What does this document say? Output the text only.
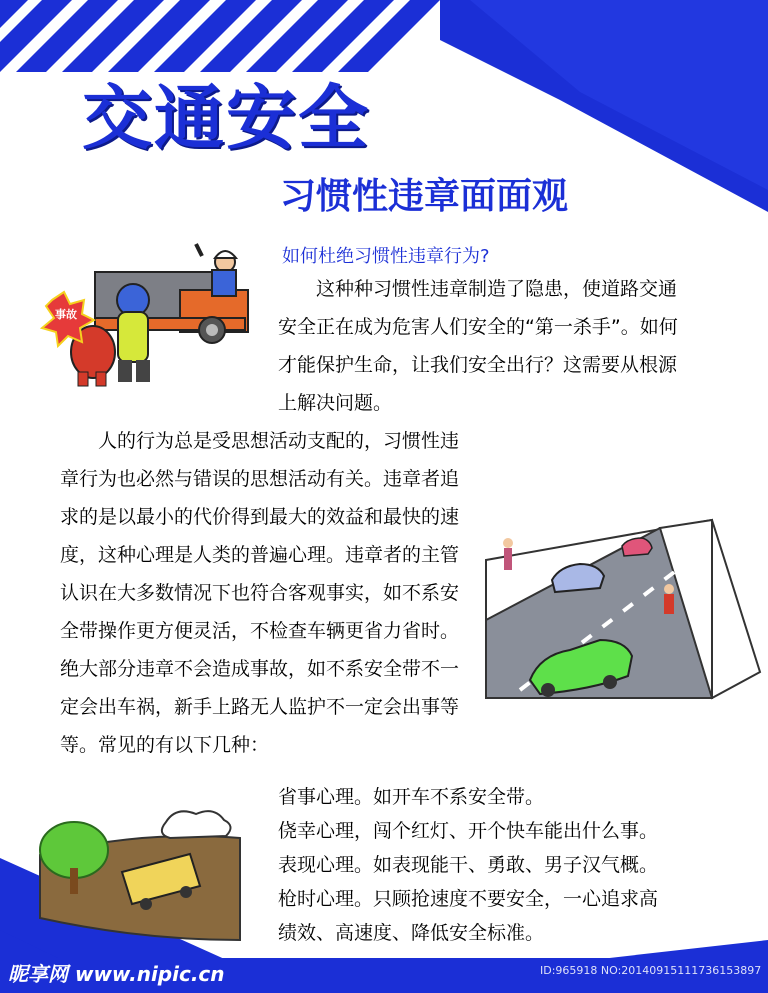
交通安全
习惯性违章面面观
如何杜绝习惯性违章行为?
这种种习惯性违章制造了隐患，使道路交通安全正在成为危害人们安全的“第一杀手”。如何才能保护生命，让我们安全出行？这需要从根源上解决问题。
人的行为总是受思想活动支配的，习惯性违章行为也必然与错误的思想活动有关。违章者追求的是以最小的代价得到最大的效益和最快的速度，这种心理是人类的普遍心理。违章者的主管认识在大多数情况下也符合客观事实，如不系安全带操作更方便灵活，不检查车辆更省力省时。绝大部分违章不会造成事故，如不系安全带不一定会出车祸，新手上路无人监护不一定会出事等等。常见的有以下几种：
省事心理。如开车不系安全带。
侥幸心理，闯个红灯、开个快车能出什么事。
表现心理。如表现能干、勇敢、男子汉气概。
枪时心理。只顾抢速度不要安全，一心追求高
绩效、高速度、降低安全标准。
事故
昵享网 www.nipic.cn	ID:965918 NO:20140915111736153897
